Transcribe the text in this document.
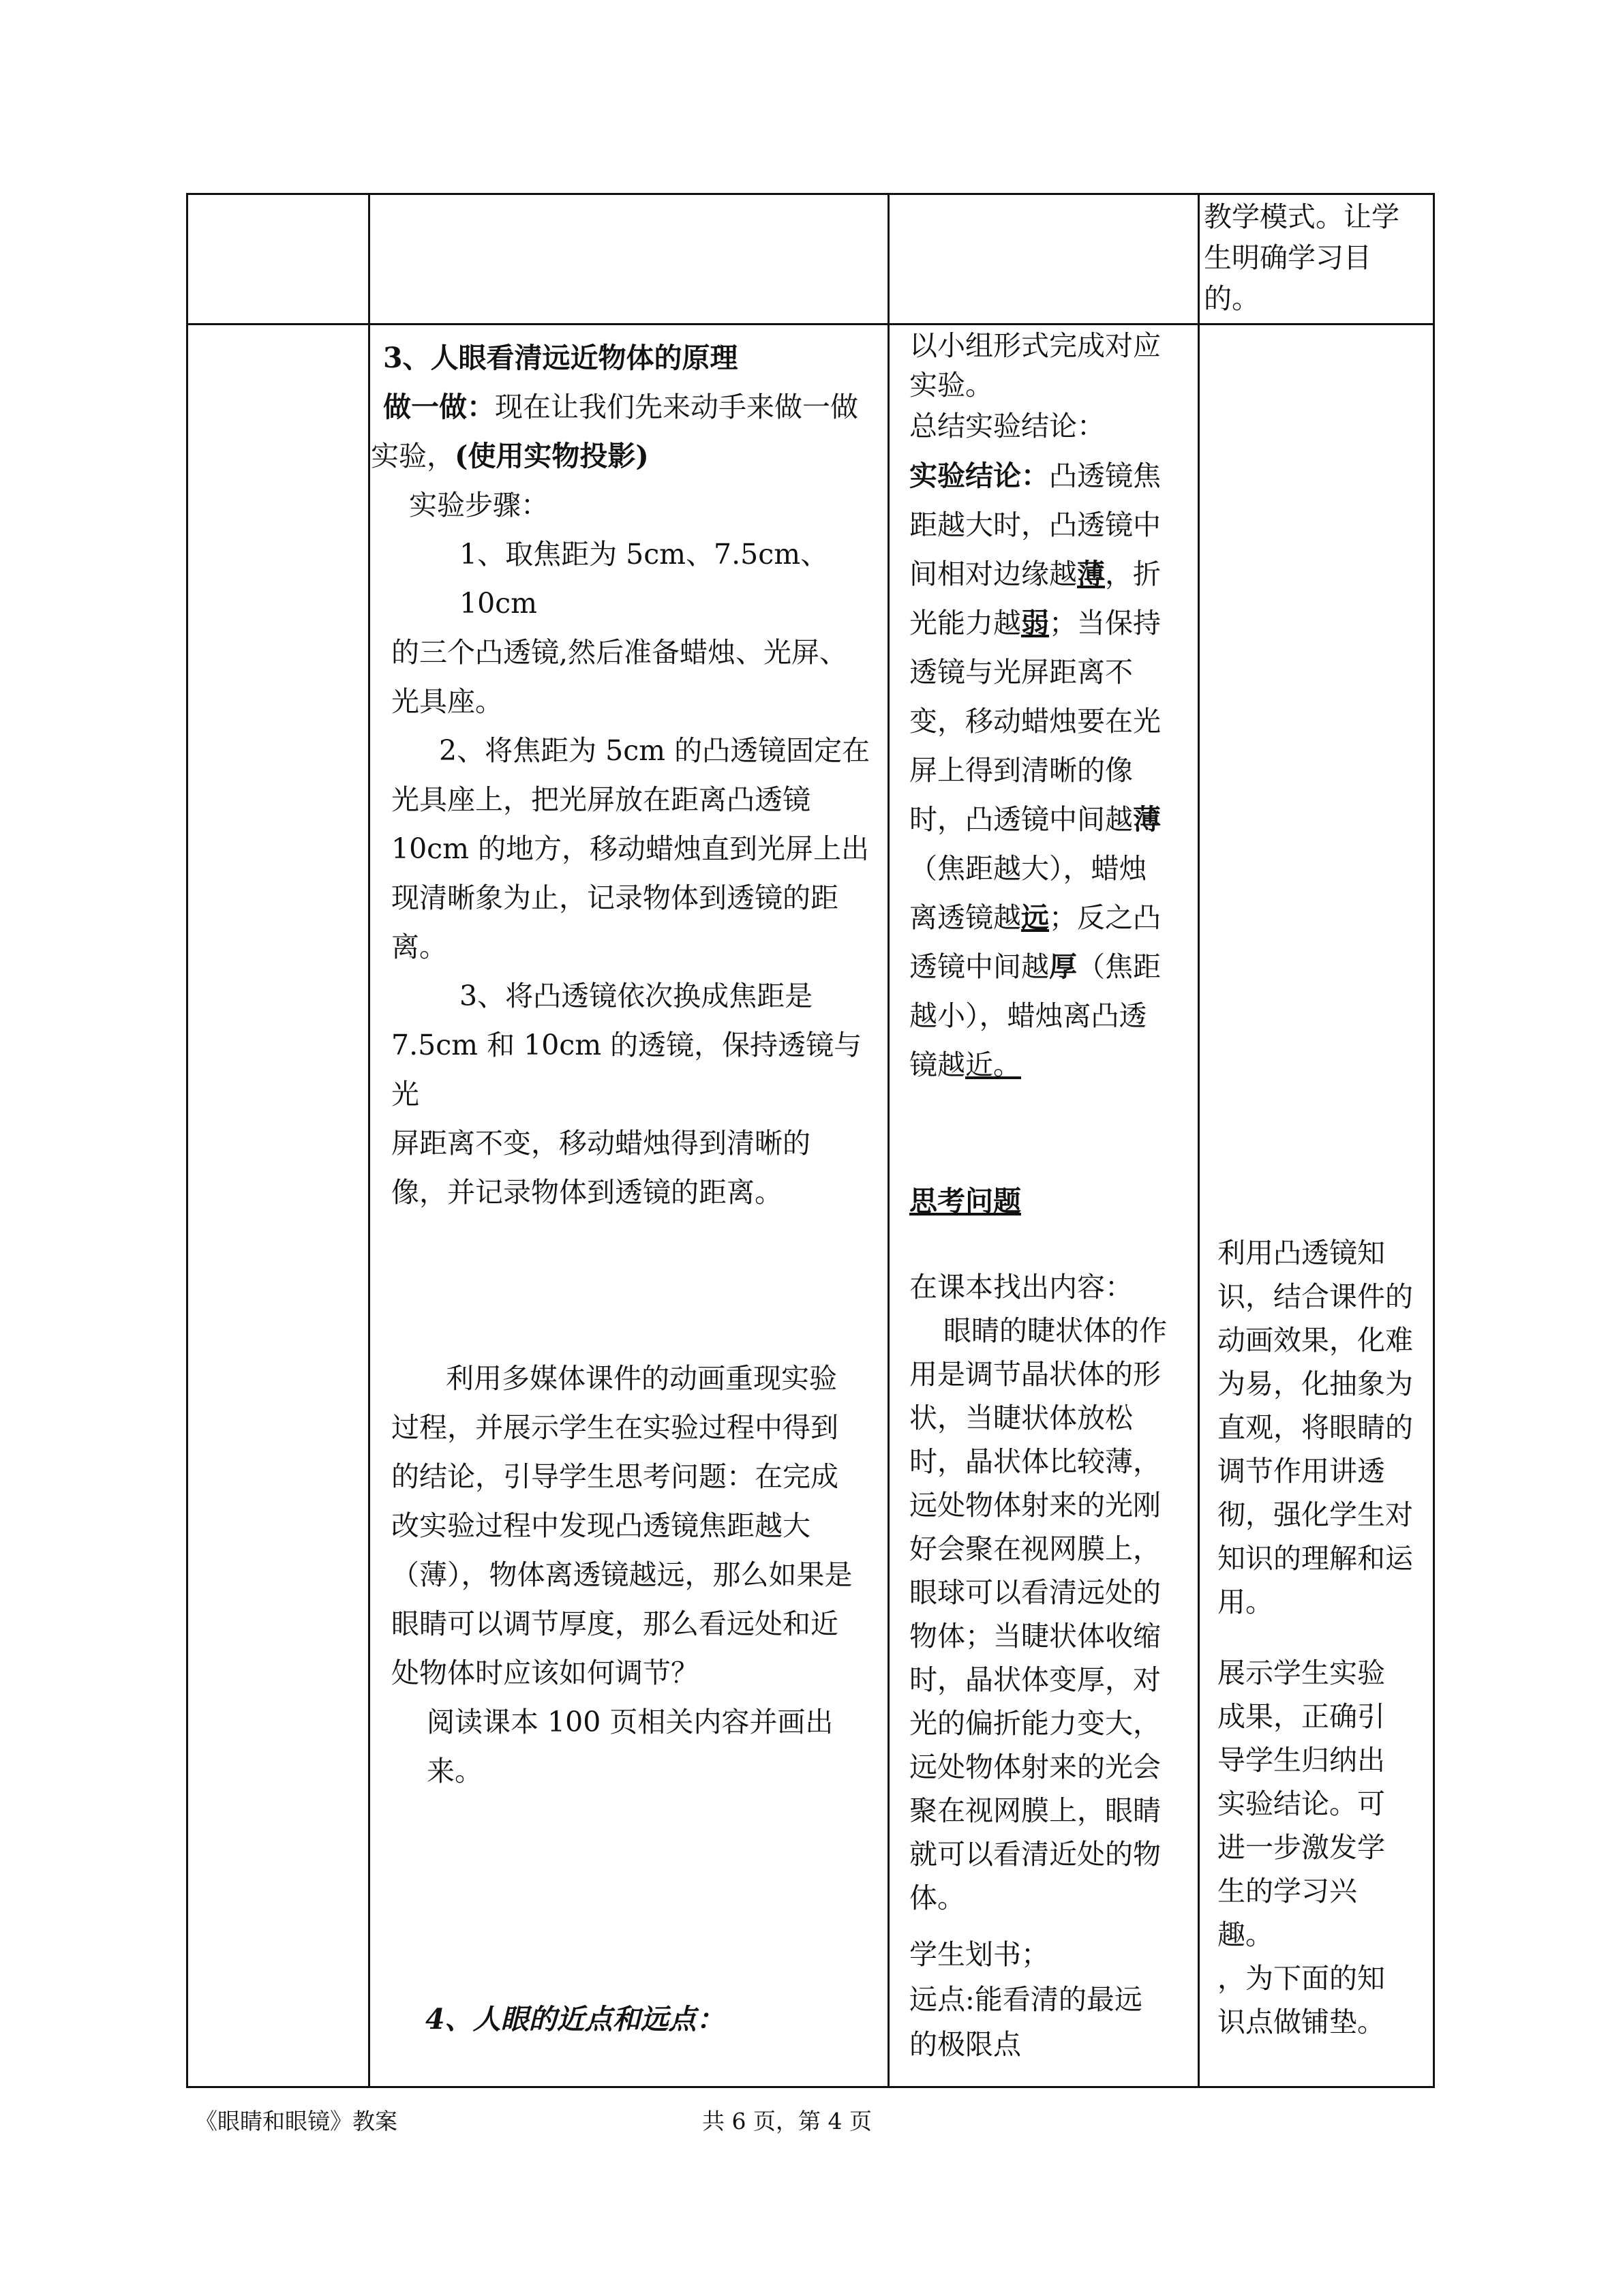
教学模式。让学
生明确学习目
的。
3、人眼看清远近物体的原理
做一做：现在让我们先来动手来做一做
实验，(使用实物投影)
实验步骤：
1、取焦距为 5cm、7.5cm、10cm
的三个凸透镜,然后准备蜡烛、光屏、
光具座。
2、将焦距为 5cm 的凸透镜固定在
光具座上，把光屏放在距离凸透镜
10cm 的地方，移动蜡烛直到光屏上出
现清晰象为止，记录物体到透镜的距
离。
3、将凸透镜依次换成焦距是
7.5cm 和 10cm 的透镜，保持透镜与光
屏距离不变，移动蜡烛得到清晰的
像，并记录物体到透镜的距离。
利用多媒体课件的动画重现实验
过程，并展示学生在实验过程中得到
的结论，引导学生思考问题：在完成
改实验过程中发现凸透镜焦距越大
（薄），物体离透镜越远，那么如果是
眼睛可以调节厚度，那么看远处和近
处物体时应该如何调节？
阅读课本 100 页相关内容并画出来。
4、人眼的近点和远点：
以小组形式完成对应
实验。
总结实验结论：
实验结论：凸透镜焦
距越大时，凸透镜中
间相对边缘越薄，折
光能力越弱；当保持
透镜与光屏距离不
变，移动蜡烛要在光
屏上得到清晰的像
时，凸透镜中间越薄
（焦距越大），蜡烛
离透镜越远；反之凸
透镜中间越厚（焦距
越小），蜡烛离凸透
镜越近。
思考问题
在课本找出内容：
眼睛的睫状体的作
用是调节晶状体的形
状，当睫状体放松
时，晶状体比较薄，
远处物体射来的光刚
好会聚在视网膜上，
眼球可以看清远处的
物体；当睫状体收缩
时，晶状体变厚，对
光的偏折能力变大，
远处物体射来的光会
聚在视网膜上，眼睛
就可以看清近处的物
体。
学生划书；
远点:能看清的最远
的极限点
利用凸透镜知
识，结合课件的
动画效果，化难
为易，化抽象为
直观，将眼睛的
调节作用讲透
彻，强化学生对
知识的理解和运
用。
展示学生实验
成果，正确引
导学生归纳出
实验结论。可
进一步激发学
生的学习兴
趣。
，为下面的知
识点做铺垫。
《眼睛和眼镜》教案	共 6 页，第 4 页
